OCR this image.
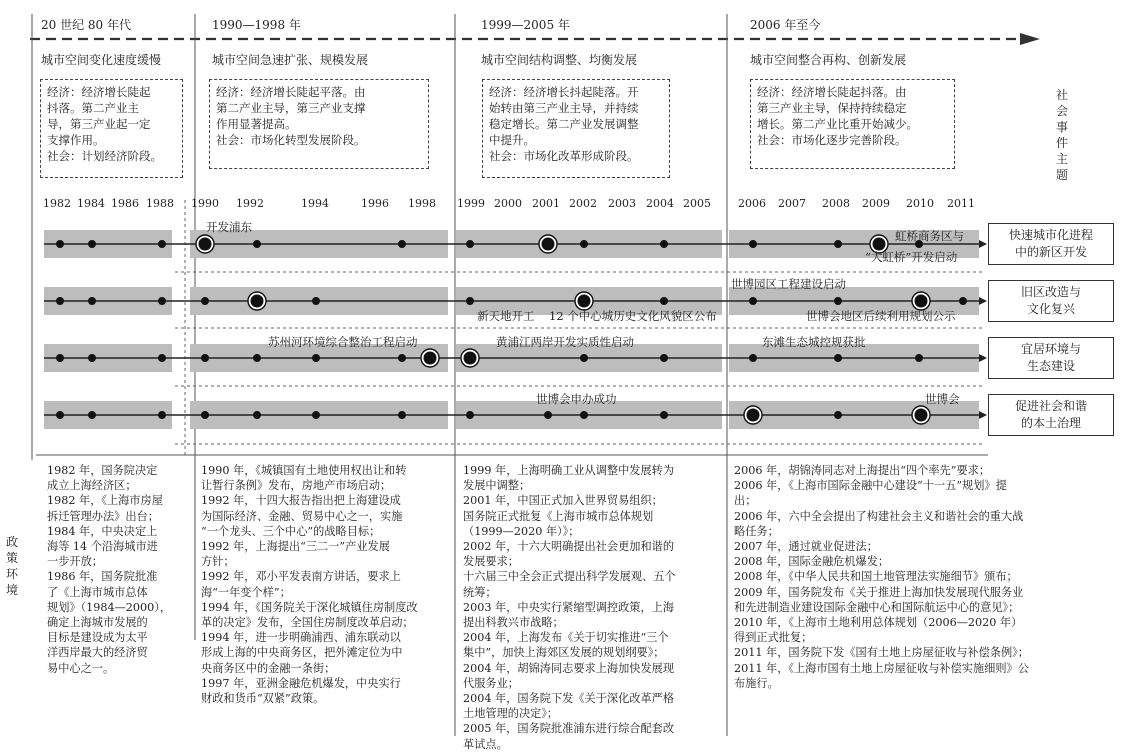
20 世纪 80 年代	1990—1998 年	1999—2005 年	2006 年至今
城市空间变化速度缓慢	城市空间急速扩张、规模发展	城市空间结构调整、均衡发展	城市空间整合再构、创新发展
经济：经济增长陡起
抖落。第二产业主
导，第三产业起一定
支撑作用。
社会：计划经济阶段。
经济：经济增长陡起平落。由
第二产业主导，第三产业支撑
作用显著提高。
社会：市场化转型发展阶段。
经济：经济增长抖起陡落。开
始转由第三产业主导，并持续
稳定增长。第二产业发展调整
中提升。
社会：市场化改革形成阶段。
经济：经济增长陡起抖落。由
第三产业主导，保持持续稳定
增长。第二产业比重开始减少。
社会：市场化逐步完善阶段。
社会事件主题
政策环境
1982 1984 1986 1988 1990 1992	1994	1996 1998 1999 2000 2001 2002 2003 2004 2005 2006 2007 2008 2009 2010 2011
快速城市化进程
中的新区开发
旧区改造与
文化复兴
宜居环境与
生态建设
促进社会和谐
的本土治理
开发浦东
虹桥商务区与
“大虹桥”开发启动
世博园区工程建设启动
新天地开工 12 个中心城历史文化风貌区公布	世博会地区后续利用规划公示
苏州河环境综合整治工程启动	黄浦江两岸开发实质性启动	东滩生态城控规获批
世博会申办成功	世博会
1982 年，国务院决定
成立上海经济区；
1982 年，《上海市房屋
拆迁管理办法》出台；
1984 年，中央决定上
海等 14 个沿海城市进
一步开放；
1986 年，国务院批准
了《上海市城市总体
规划》（1984—2000），
确定上海城市发展的
目标是建设成为太平
洋西岸最大的经济贸
易中心之一。
1990 年，《城镇国有土地使用权出让和转
让暂行条例》发布，房地产市场启动；
1992 年，十四大报告指出把上海建设成
为国际经济、金融、贸易中心之一，实施
“一个龙头、三个中心”的战略目标；
1992 年，上海提出“三二一”产业发展
方针；
1992 年，邓小平发表南方讲话，要求上
海“一年变个样”；
1994 年，《国务院关于深化城镇住房制度改
革的决定》发布，全国住房制度改革启动；
1994 年，进一步明确浦西、浦东联动以
形成上海的中央商务区，把外滩定位为中
央商务区中的金融一条街；
1997 年，亚洲金融危机爆发，中央实行
财政和货币“双紧”政策。
1999 年，上海明确工业从调整中发展转为
发展中调整；
2001 年，中国正式加入世界贸易组织；
国务院正式批复《上海市城市总体规划
（1999—2020 年）》；
2002 年，十六大明确提出社会更加和谐的
发展要求；
十六届三中全会正式提出科学发展观、五个
统筹；
2003 年，中央实行紧缩型调控政策，上海
提出科教兴市战略；
2004 年，上海发布《关于切实推进“三个
集中”，加快上海郊区发展的规划纲要》；
2004 年，胡锦涛同志要求上海加快发展现
代服务业；
2004 年，国务院下发《关于深化改革严格
土地管理的决定》；
2005 年，国务院批准浦东进行综合配套改
革试点。
2006 年，胡锦涛同志对上海提出“四个率先”要求；
2006 年，《上海市国际金融中心建设“十一五”规划》提
出；
2006 年，六中全会提出了构建社会主义和谐社会的重大战
略任务；
2007 年，通过就业促进法；
2008 年，国际金融危机爆发；
2008 年，《中华人民共和国土地管理法实施细节》颁布；
2009 年，国务院发布《关于推进上海加快发展现代服务业
和先进制造业建设国际金融中心和国际航运中心的意见》；
2010 年，《上海市土地利用总体规划（2006—2020 年）
得到正式批复；
2011 年，国务院下发《国有土地上房屋征收与补偿条例》；
2011 年，《上海市国有土地上房屋征收与补偿实施细则》公
布施行。
